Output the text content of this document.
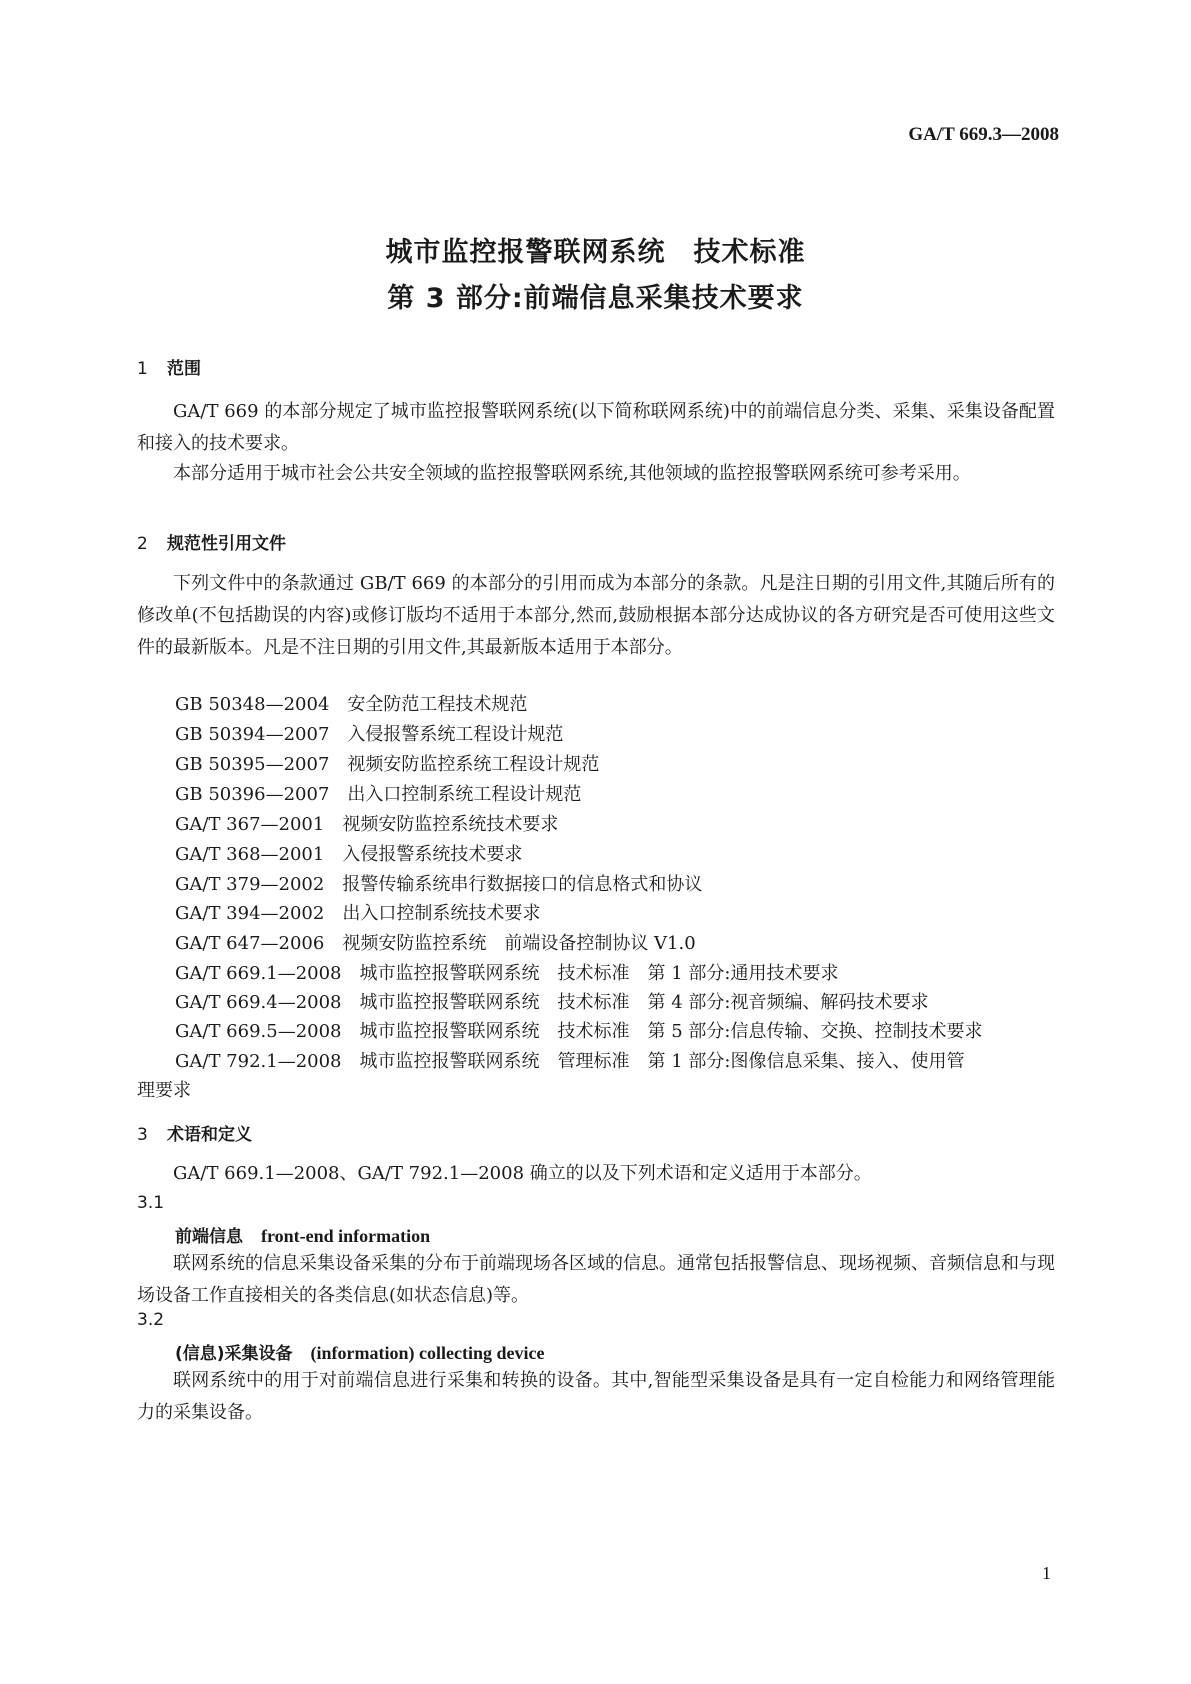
GA/T 669.3—2008
城市监控报警联网系统　技术标准
第 3 部分:前端信息采集技术要求
1 范围
GA/T 669 的本部分规定了城市监控报警联网系统(以下简称联网系统)中的前端信息分类、采集、采集设备配置和接入的技术要求。
本部分适用于城市社会公共安全领域的监控报警联网系统,其他领域的监控报警联网系统可参考采用。
2 规范性引用文件
下列文件中的条款通过 GB/T 669 的本部分的引用而成为本部分的条款。凡是注日期的引用文件,其随后所有的修改单(不包括勘误的内容)或修订版均不适用于本部分,然而,鼓励根据本部分达成协议的各方研究是否可使用这些文件的最新版本。凡是不注日期的引用文件,其最新版本适用于本部分。
GB 50348—2004　安全防范工程技术规范
GB 50394—2007　入侵报警系统工程设计规范
GB 50395—2007　视频安防监控系统工程设计规范
GB 50396—2007　出入口控制系统工程设计规范
GA/T 367—2001　视频安防监控系统技术要求
GA/T 368—2001　入侵报警系统技术要求
GA/T 379—2002　报警传输系统串行数据接口的信息格式和协议
GA/T 394—2002　出入口控制系统技术要求
GA/T 647—2006　视频安防监控系统　前端设备控制协议 V1.0
GA/T 669.1—2008　城市监控报警联网系统　技术标准　第 1 部分:通用技术要求
GA/T 669.4—2008　城市监控报警联网系统　技术标准　第 4 部分:视音频编、解码技术要求
GA/T 669.5—2008　城市监控报警联网系统　技术标准　第 5 部分:信息传输、交换、控制技术要求
GA/T 792.1—2008　城市监控报警联网系统　管理标准　第 1 部分:图像信息采集、接入、使用管
理要求
3 术语和定义
GA/T 669.1—2008、GA/T 792.1—2008 确立的以及下列术语和定义适用于本部分。
3.1
前端信息 front-end information
联网系统的信息采集设备采集的分布于前端现场各区域的信息。通常包括报警信息、现场视频、音频信息和与现场设备工作直接相关的各类信息(如状态信息)等。
3.2
(信息)采集设备 (information) collecting device
联网系统中的用于对前端信息进行采集和转换的设备。其中,智能型采集设备是具有一定自检能力和网络管理能力的采集设备。
1
